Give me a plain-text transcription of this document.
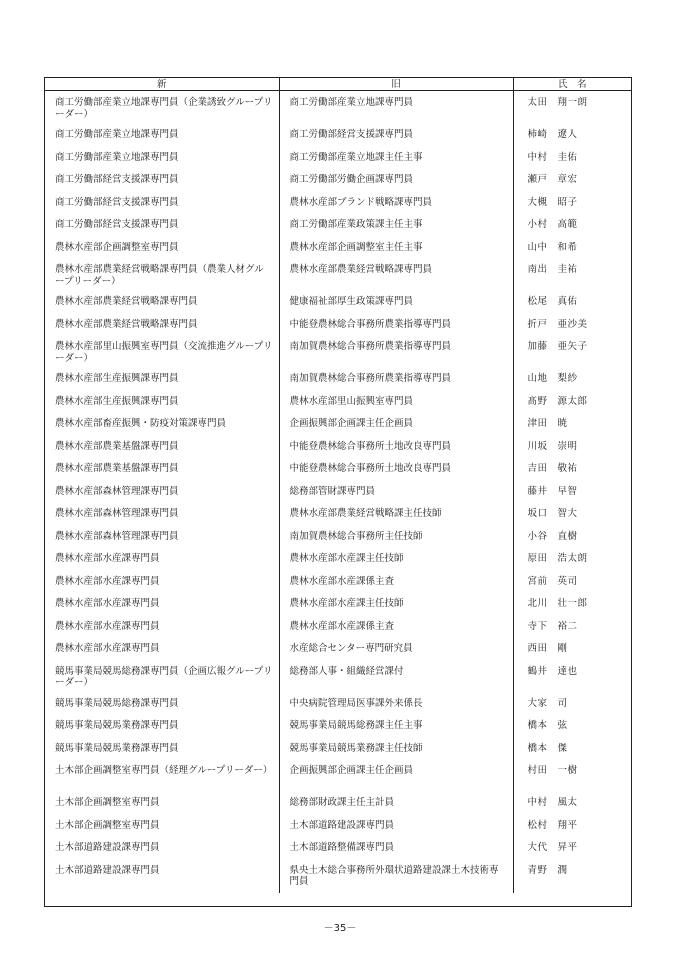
新	旧	氏　名
商工労働部産業立地課専門員（企業誘致グループリーダー）	商工労働部産業立地課専門員	太田　翔一朗
商工労働部産業立地課専門員	商工労働部経営支援課専門員	柿崎　遼人
商工労働部産業立地課専門員	商工労働部産業立地課主任主事	中村　圭佑
商工労働部経営支援課専門員	商工労働部労働企画課専門員	瀬戸　章宏
商工労働部経営支援課専門員	農林水産部ブランド戦略課専門員	大槻　昭子
商工労働部経営支援課専門員	商工労働部産業政策課主任主事	小村　高範
農林水産部企画調整室専門員	農林水産部企画調整室主任主事	山中　和希
農林水産部農業経営戦略課専門員（農業人材グループリーダー）	農林水産部農業経営戦略課専門員	南出　圭祐
農林水産部農業経営戦略課専門員	健康福祉部厚生政策課専門員	松尾　真佑
農林水産部農業経営戦略課専門員	中能登農林総合事務所農業指導専門員	折戸　亜沙美
農林水産部里山振興室専門員（交流推進グループリーダー）	南加賀農林総合事務所農業指導専門員	加藤　亜矢子
農林水産部生産振興課専門員	南加賀農林総合事務所農業指導専門員	山地　梨紗
農林水産部生産振興課専門員	農林水産部里山振興室専門員	髙野　源太郎
農林水産部畜産振興・防疫対策課専門員	企画振興部企画課主任企画員	津田　暁
農林水産部農業基盤課専門員	中能登農林総合事務所土地改良専門員	川坂　崇明
農林水産部農業基盤課専門員	中能登農林総合事務所土地改良専門員	吉田　敬祐
農林水産部森林管理課専門員	総務部管財課専門員	藤井　早智
農林水産部森林管理課専門員	農林水産部農業経営戦略課主任技師	坂口　智大
農林水産部森林管理課専門員	南加賀農林総合事務所主任技師	小谷　直樹
農林水産部水産課専門員	農林水産部水産課主任技師	原田　浩太朗
農林水産部水産課専門員	農林水産部水産課係主査	宮前　英司
農林水産部水産課専門員	農林水産部水産課主任技師	北川　壮一郎
農林水産部水産課専門員	農林水産部水産課係主査	寺下　裕二
農林水産部水産課専門員	水産総合センター専門研究員	西田　剛
競馬事業局競馬総務課専門員（企画広報グループリーダー）	総務部人事・組織経営課付	鶴井　達也
競馬事業局競馬総務課専門員	中央病院管理局医事課外来係長	大家　司
競馬事業局競馬業務課専門員	競馬事業局競馬総務課主任主事	橋本　弦
競馬事業局競馬業務課専門員	競馬事業局競馬業務課主任技師	橋本　傑
土木部企画調整室専門員（経理グループリーダー）	企画振興部企画課主任企画員	村田　一樹
土木部企画調整室専門員	総務部財政課主任主計員	中村　風太
土木部企画調整室専門員	土木部道路建設課専門員	松村　翔平
土木部道路建設課専門員	土木部道路整備課専門員	大代　昇平
土木部道路建設課専門員	県央土木総合事務所外環状道路建設課土木技術専門員	青野　潤
－35－
